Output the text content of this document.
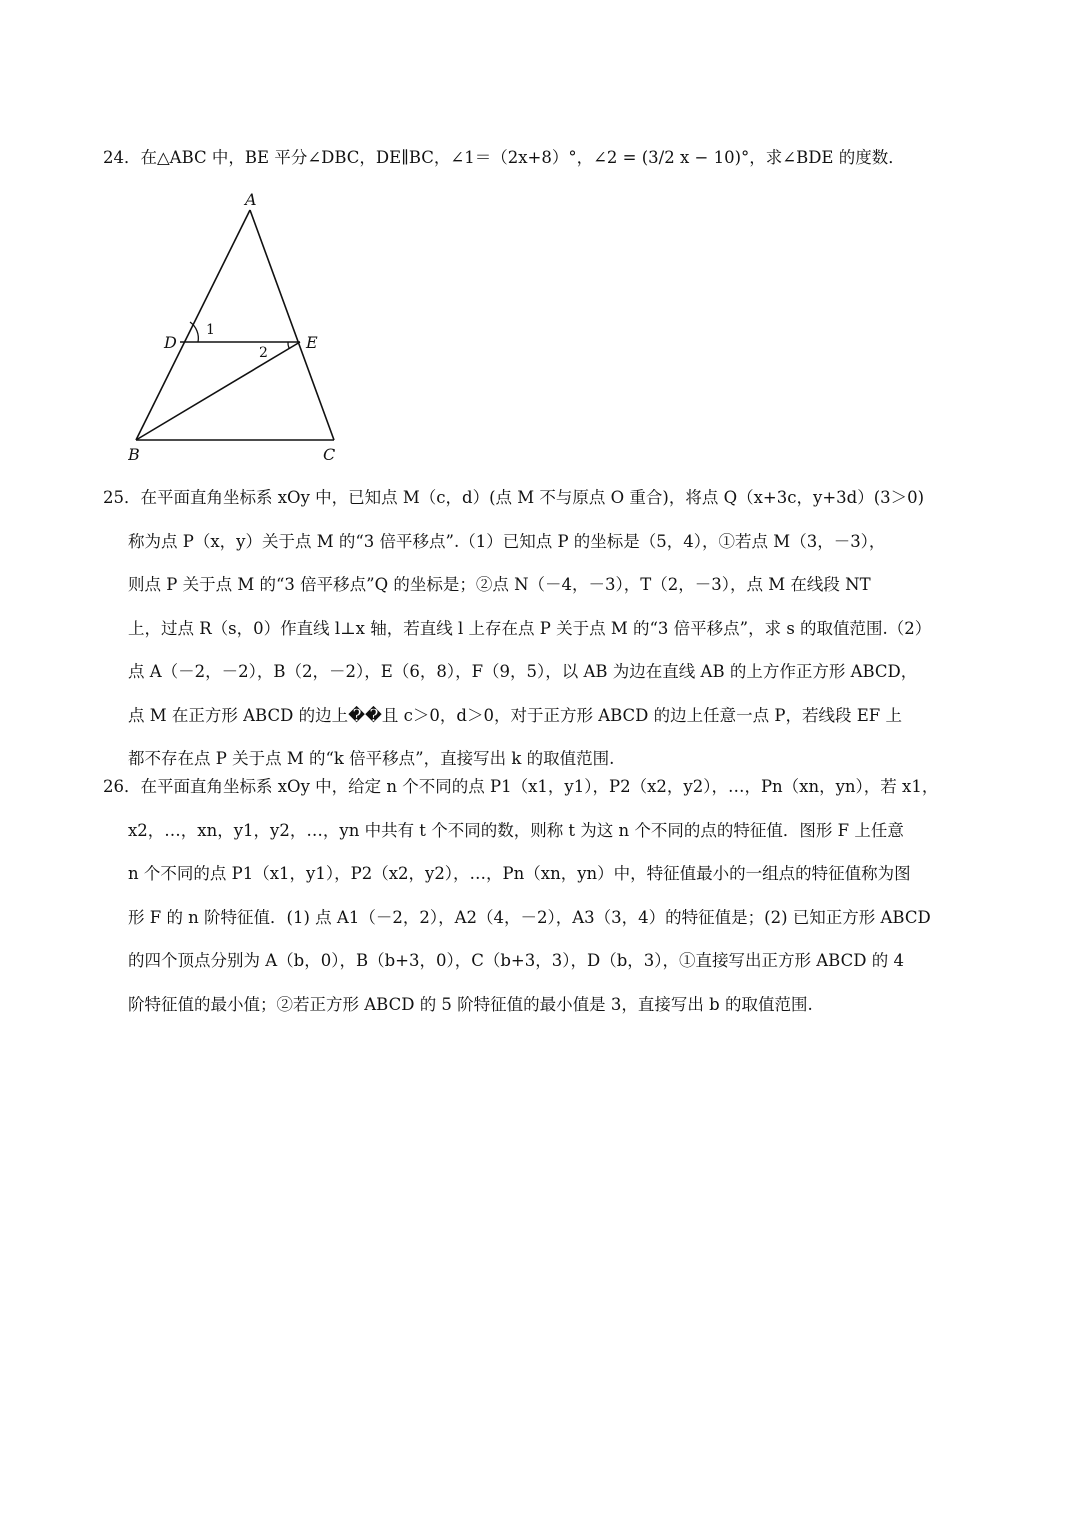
24．在△ABC 中，BE 平分∠DBC，DE∥BC，∠1＝（2x+8）°，∠2 = (3/2 x − 10)°，求∠BDE 的度数．

A
B	C
D	E
1
2

25．在平面直角坐标系 xOy 中，已知点 M（c，d）(点 M 不与原点 O 重合)，将点 Q（x+3c，y+3d）(3＞0)

称为点 P（x，y）关于点 M 的“3 倍平移点”.（1）已知点 P 的坐标是（5，4），①若点 M（3，－3），

则点 P 关于点 M 的“3 倍平移点”Q 的坐标是；②点 N（－4，－3），T（2，－3），点 M 在线段 NT

上，过点 R（s，0）作直线 l⊥x 轴，若直线 l 上存在点 P 关于点 M 的“3 倍平移点”，求 s 的取值范围.（2）

点 A（－2，－2），B（2，－2），E（6，8），F（9，5），以 AB 为边在直线 AB 的上方作正方形 ABCD，

点 M 在正方形 ABCD 的边上��且 c＞0，d＞0，对于正方形 ABCD 的边上任意一点 P，若线段 EF 上

都不存在点 P 关于点 M 的“k 倍平移点”，直接写出 k 的取值范围.

26．在平面直角坐标系 xOy 中，给定 n 个不同的点 P1（x1，y1），P2（x2，y2），…，Pn（xn，yn），若 x1，

x2，…，xn，y1，y2，…，yn 中共有 t 个不同的数，则称 t 为这 n 个不同的点的特征值．图形 F 上任意

n 个不同的点 P1（x1，y1），P2（x2，y2），…，Pn（xn，yn）中，特征值最小的一组点的特征值称为图

形 F 的 n 阶特征值．(1) 点 A1（－2，2），A2（4，－2），A3（3，4）的特征值是；(2) 已知正方形 ABCD

的四个顶点分别为 A（b，0），B（b+3，0），C（b+3，3），D（b，3），①直接写出正方形 ABCD 的 4

阶特征值的最小值；②若正方形 ABCD 的 5 阶特征值的最小值是 3，直接写出 b 的取值范围.
